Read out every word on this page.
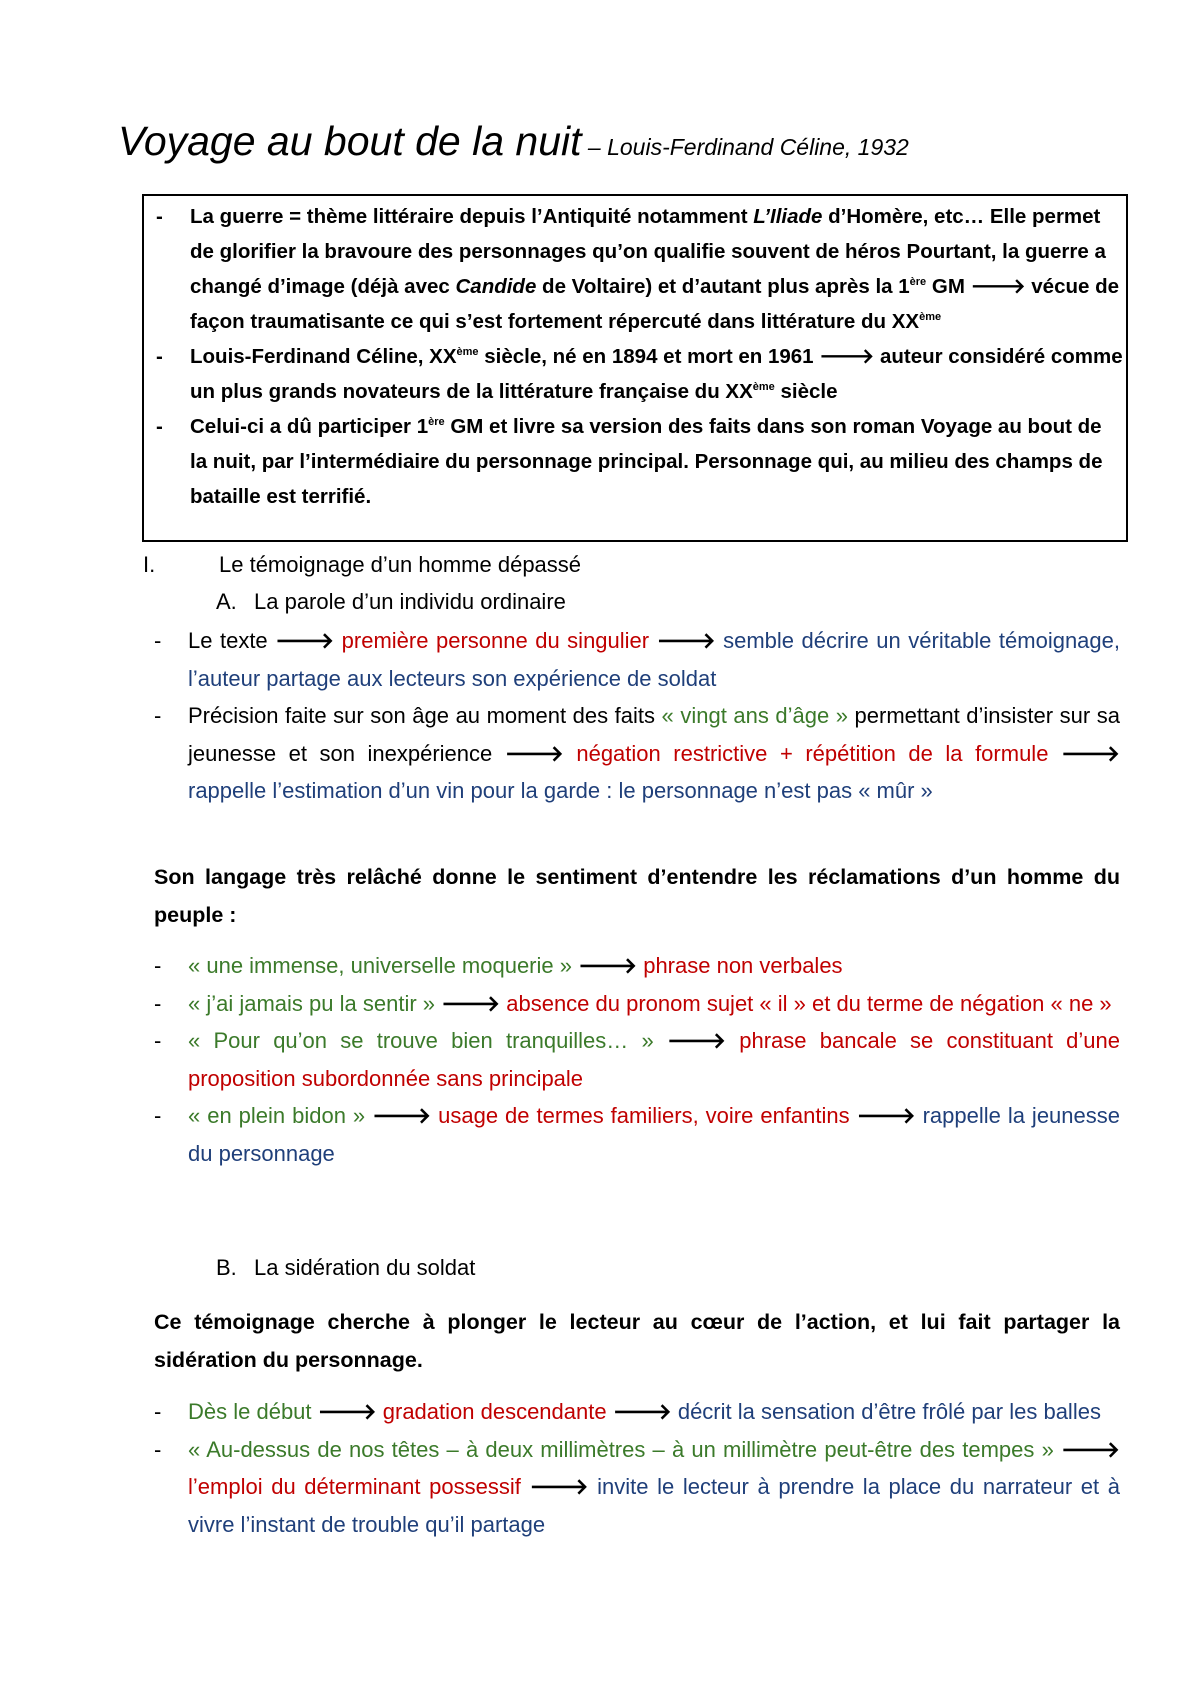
Voyage au bout de la nuit – Louis-Ferdinand Céline, 1932
- La guerre = thème littéraire depuis l’Antiquité notamment L’Iliade d’Homère, etc… Elle permet de glorifier la bravoure des personnages qu’on qualifie souvent de héros Pourtant, la guerre a changé d’image (déjà avec Candide de Voltaire) et d’autant plus après la 1ère GM 🡒 vécue de façon traumatisante ce qui s’est fortement répercuté dans littérature du XXème
- Louis-Ferdinand Céline, XXème siècle, né en 1894 et mort en 1961 🡒 auteur considéré comme un plus grands novateurs de la littérature française du XXème siècle
- Celui-ci a dû participer 1ère GM et livre sa version des faits dans son roman Voyage au bout de la nuit, par l’intermédiaire du personnage principal. Personnage qui, au milieu des champs de bataille est terrifié.
I.	Le témoignage d’un homme dépassé
A. La parole d’un individu ordinaire
- Le texte 🡒 première personne du singulier 🡒 semble décrire un véritable témoignage, l’auteur partage aux lecteurs son expérience de soldat
- Précision faite sur son âge au moment des faits « vingt ans d’âge » permettant d’insister sur sa jeunesse et son inexpérience 🡒 négation restrictive + répétition de la formule 🡒 rappelle l’estimation d’un vin pour la garde : le personnage n’est pas « mûr »
Son langage très relâché donne le sentiment d’entendre les réclamations d’un homme du peuple :
- « une immense, universelle moquerie » 🡒 phrase non verbales
- « j’ai jamais pu la sentir » 🡒 absence du pronom sujet « il » et du terme de négation « ne »
- « Pour qu’on se trouve bien tranquilles… » 🡒 phrase bancale se constituant d’une proposition subordonnée sans principale
- « en plein bidon » 🡒 usage de termes familiers, voire enfantins 🡒 rappelle la jeunesse du personnage
B. La sidération du soldat
Ce témoignage cherche à plonger le lecteur au cœur de l’action, et lui fait partager la sidération du personnage.
- Dès le début 🡒 gradation descendante 🡒 décrit la sensation d’être frôlé par les balles
- « Au-dessus de nos têtes – à deux millimètres – à un millimètre peut-être des tempes » 🡒 l’emploi du déterminant possessif 🡒 invite le lecteur à prendre la place du narrateur et à vivre l’instant de trouble qu’il partage
